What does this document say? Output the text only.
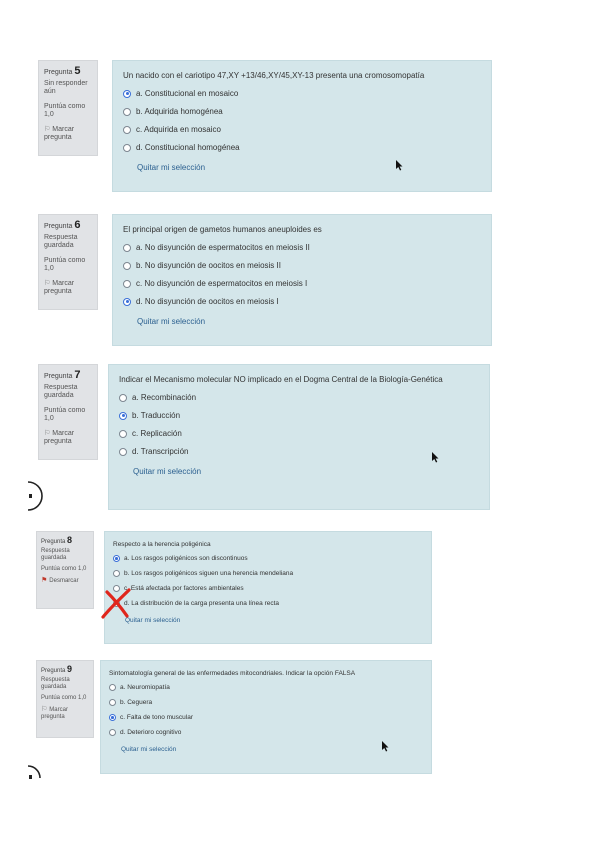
Pregunta 5
Sin responder aún
Puntúa como 1,0
⚐ Marcar pregunta
Un nacido con el cariotipo 47,XY +13/46,XY/45,XY-13 presenta una cromosomopatía
a. Constitucional en mosaico
b. Adquirida homogénea
c. Adquirida en mosaico
d. Constitucional homogénea
Quitar mi selección
Pregunta 6
Respuesta guardada
Puntúa como 1,0
⚐ Marcar pregunta
El principal origen de gametos humanos aneuploides es
a. No disyunción de espermatocitos en meiosis II
b. No disyunción de oocitos en meiosis II
c. No disyunción de espermatocitos en meiosis I
d. No disyunción de oocitos en meiosis I
Quitar mi selección
Pregunta 7
Respuesta guardada
Puntúa como 1,0
⚐ Marcar pregunta
Indicar el Mecanismo molecular NO implicado en el Dogma Central de la Biología-Genética
a. Recombinación
b. Traducción
c. Replicación
d. Transcripción
Quitar mi selección
Pregunta 8
Respuesta guardada
Puntúa como 1,0
⚑ Desmarcar
Respecto a la herencia poligénica
a. Los rasgos poligénicos son discontinuos
b. Los rasgos poligénicos siguen una herencia mendeliana
c. Está afectada por factores ambientales
d. La distribución de la carga presenta una línea recta
Quitar mi selección
Pregunta 9
Respuesta guardada
Puntúa como 1,0
⚐ Marcar pregunta
Sintomatología general de las enfermedades mitocondriales. Indicar la opción FALSA
a. Neuromiopatía
b. Ceguera
c. Falta de tono muscular
d. Deterioro cognitivo
Quitar mi selección
